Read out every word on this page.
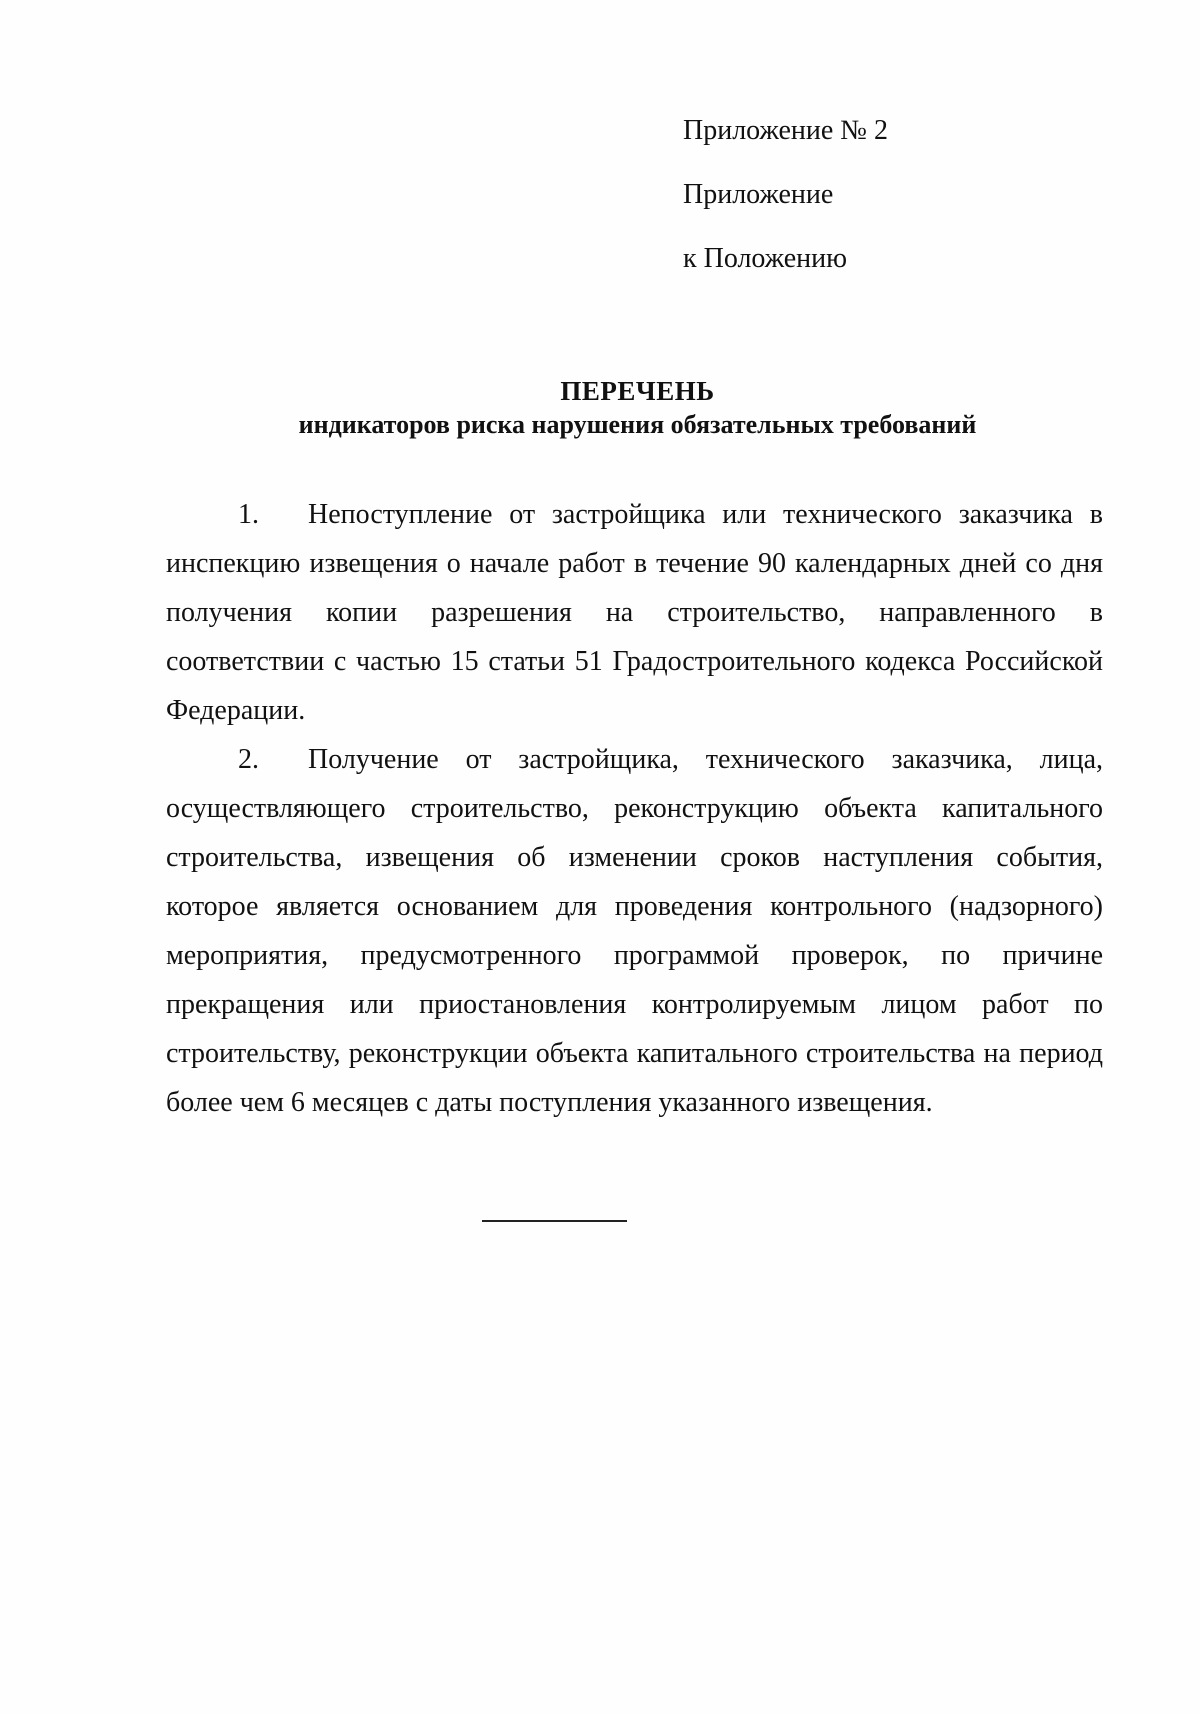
Приложение № 2
Приложение
к Положению
ПЕРЕЧЕНЬ
индикаторов риска нарушения обязательных требований

1. Непоступление от застройщика или технического заказчика в инспекцию извещения о начале работ в течение 90 календарных дней со дня получения копии разрешения на строительство, направленного в соответствии с частью 15 статьи 51 Градостроительного кодекса Российской Федерации.

2. Получение от застройщика, технического заказчика, лица, осуществляющего строительство, реконструкцию объекта капитального строительства, извещения об изменении сроков наступления события, которое является основанием для проведения контрольного (надзорного) мероприятия, предусмотренного программой проверок, по причине прекращения или приостановления контролируемым лицом работ по строительству, реконструкции объекта капитального строительства на период более чем 6 месяцев с даты поступления указанного извещения.
